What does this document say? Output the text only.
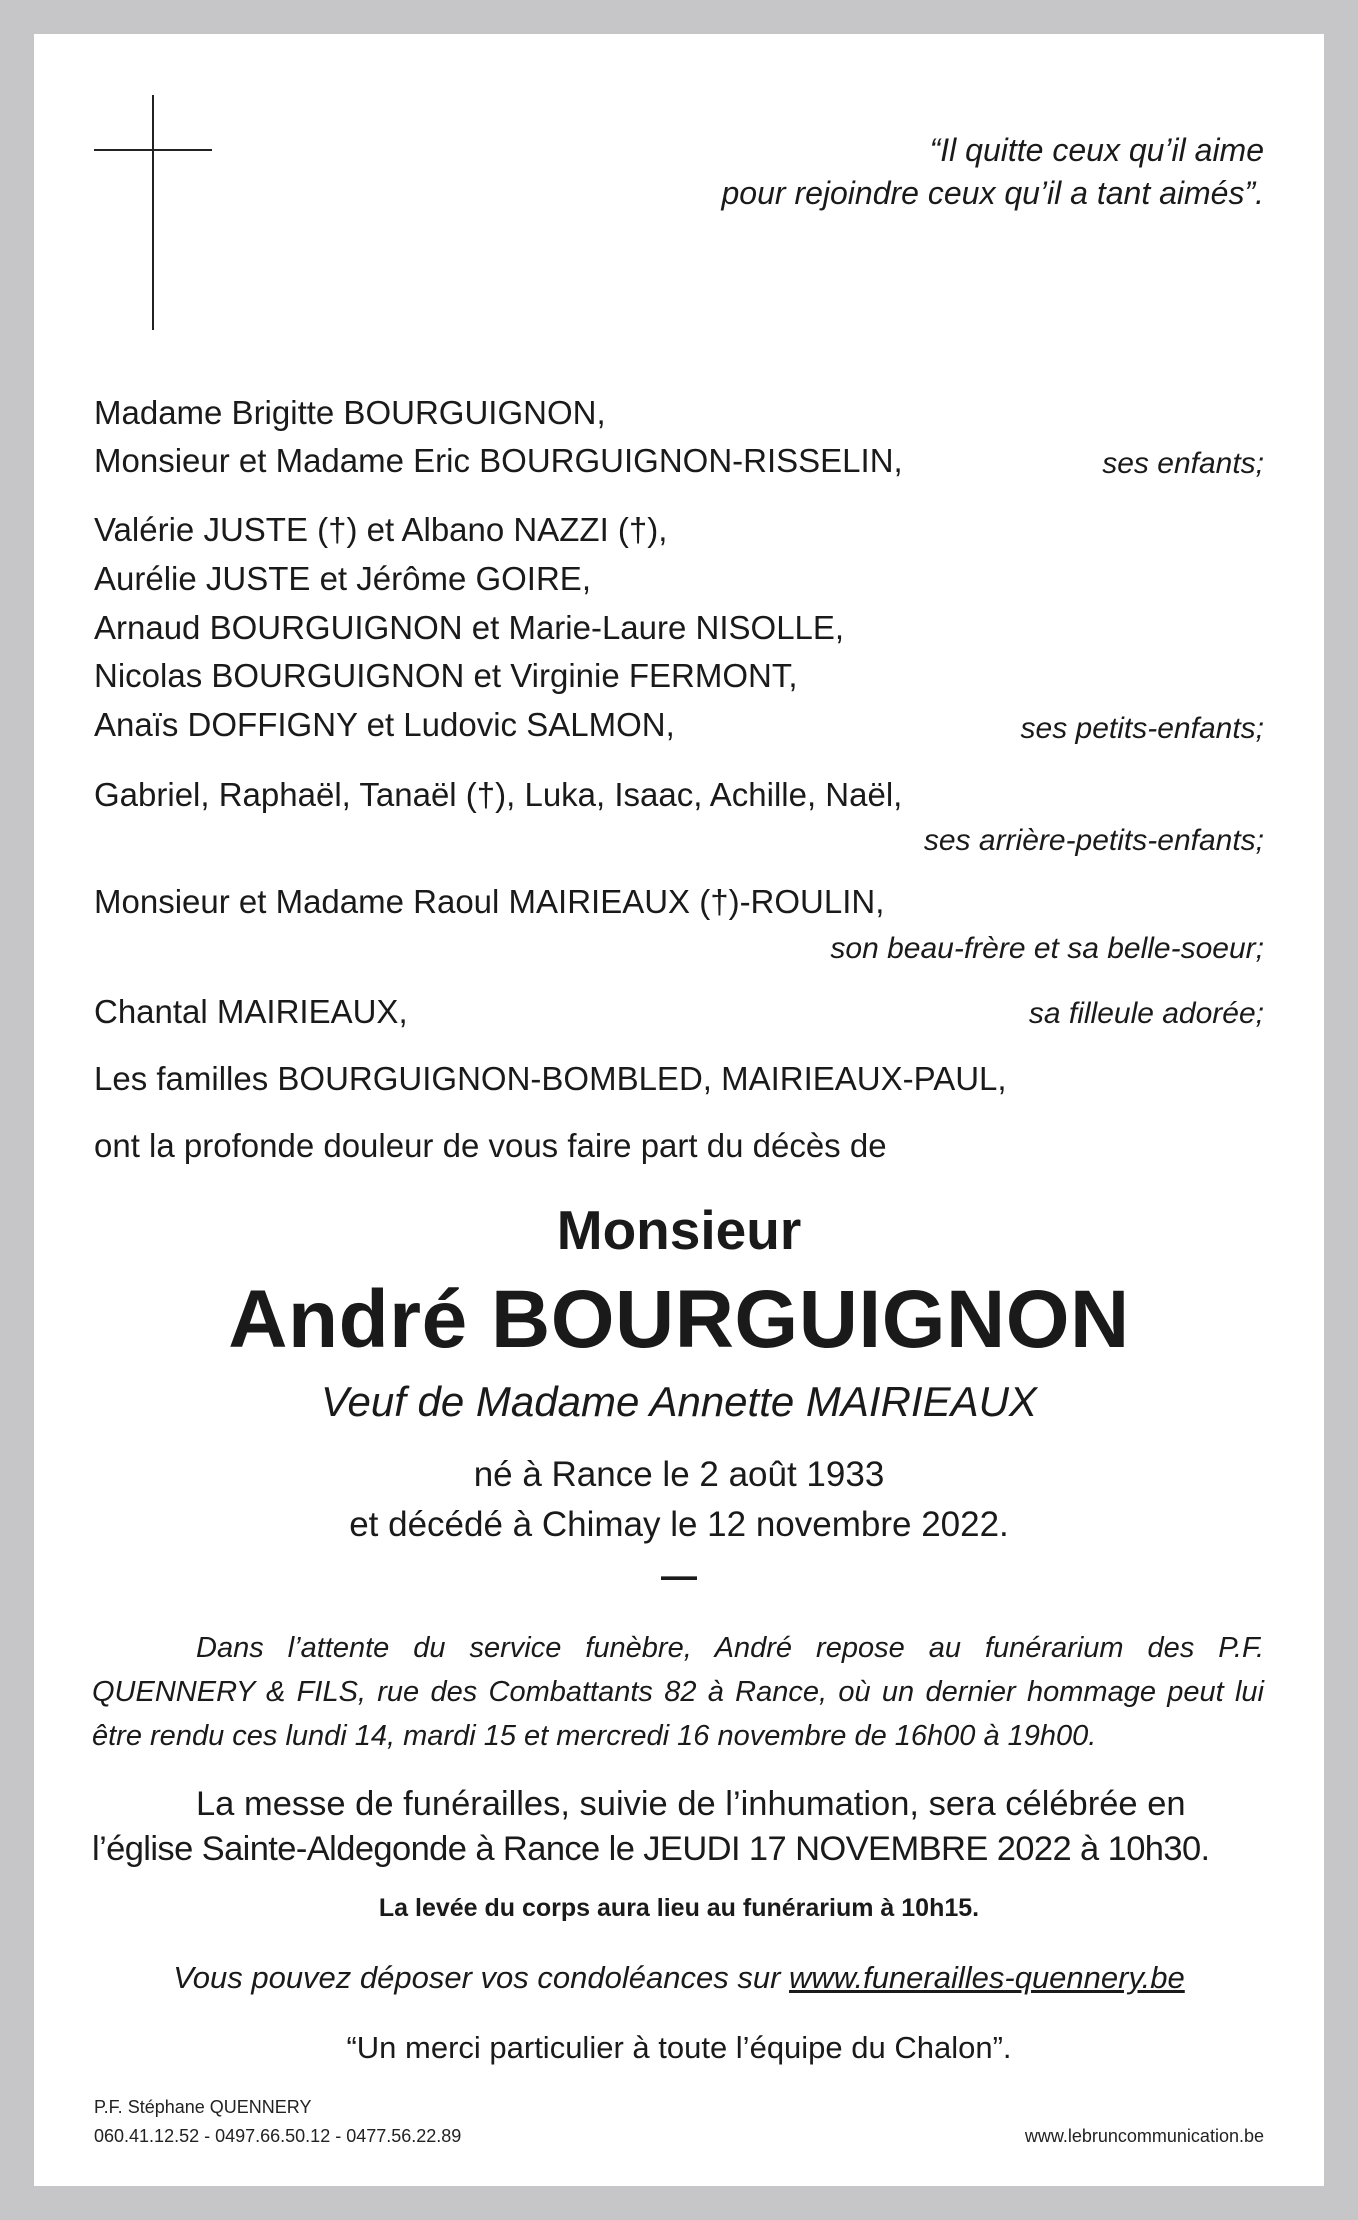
“Il quitte ceux qu’il aime
pour rejoindre ceux qu’il a tant aimés”.
Madame Brigitte BOURGUIGNON,
Monsieur et Madame Eric BOURGUIGNON-RISSELIN,	ses enfants;
Valérie JUSTE (†) et Albano NAZZI (†),
Aurélie JUSTE et Jérôme GOIRE,
Arnaud BOURGUIGNON et Marie-Laure NISOLLE,
Nicolas BOURGUIGNON et Virginie FERMONT,
Anaïs DOFFIGNY et Ludovic SALMON,	ses petits-enfants;
Gabriel, Raphaël, Tanaël (†), Luka, Isaac, Achille, Naël,
ses arrière-petits-enfants;
Monsieur et Madame Raoul MAIRIEAUX (†)-ROULIN,
son beau-frère et sa belle-soeur;
Chantal MAIRIEAUX,	sa filleule adorée;
Les familles BOURGUIGNON-BOMBLED, MAIRIEAUX-PAUL,
ont la profonde douleur de vous faire part du décès de
Monsieur
André BOURGUIGNON
Veuf de Madame Annette MAIRIEAUX
né à Rance le 2 août 1933
et décédé à Chimay le 12 novembre 2022.
—
Dans l’attente du service funèbre, André repose au funérarium des P.F. QUENNERY & FILS, rue des Combattants 82 à Rance, où un dernier hommage peut lui être rendu ces lundi 14, mardi 15 et mercredi 16 novembre de 16h00 à 19h00.
La messe de funérailles, suivie de l’inhumation, sera célébrée en
l’église Sainte-Aldegonde à Rance le JEUDI 17 NOVEMBRE 2022 à 10h30.
La levée du corps aura lieu au funérarium à 10h15.
Vous pouvez déposer vos condoléances sur www.funerailles-quennery.be
“Un merci particulier à toute l’équipe du Chalon”.
P.F. Stéphane QUENNERY
060.41.12.52 - 0497.66.50.12 - 0477.56.22.89	www.lebruncommunication.be
